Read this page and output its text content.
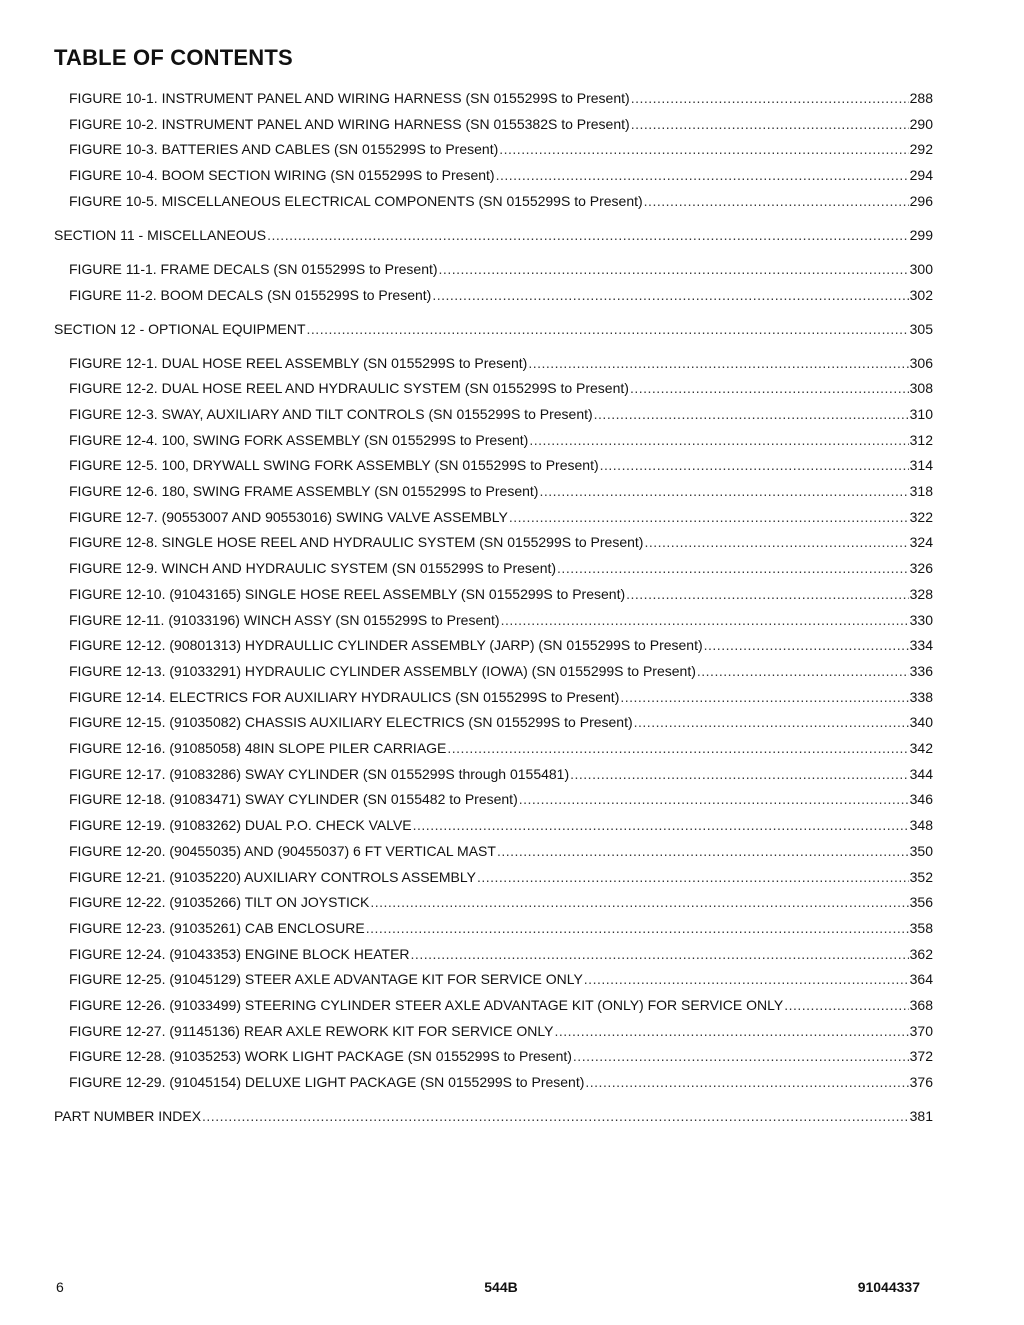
TABLE OF CONTENTS
FIGURE 10-1. INSTRUMENT PANEL AND WIRING HARNESS (SN 0155299S to Present) .....	288
FIGURE 10-2. INSTRUMENT PANEL AND WIRING HARNESS (SN 0155382S to Present) .....	290
FIGURE 10-3. BATTERIES AND CABLES (SN 0155299S to Present) .....	292
FIGURE 10-4. BOOM SECTION WIRING (SN 0155299S to Present) .....	294
FIGURE 10-5. MISCELLANEOUS ELECTRICAL COMPONENTS (SN 0155299S to Present) .....	296
SECTION 11 - MISCELLANEOUS .....	299
FIGURE 11-1. FRAME DECALS (SN 0155299S to Present) .....	300
FIGURE 11-2. BOOM DECALS (SN 0155299S to Present) .....	302
SECTION 12 - OPTIONAL EQUIPMENT .....	305
FIGURE 12-1. DUAL HOSE REEL ASSEMBLY (SN 0155299S to Present) .....	306
FIGURE 12-2. DUAL HOSE REEL AND HYDRAULIC SYSTEM (SN 0155299S to Present) .....	308
FIGURE 12-3. SWAY, AUXILIARY AND TILT CONTROLS (SN 0155299S to Present) .....	310
FIGURE 12-4. 100, SWING FORK ASSEMBLY (SN 0155299S to Present) .....	312
FIGURE 12-5. 100, DRYWALL SWING FORK ASSEMBLY (SN 0155299S to Present) .....	314
FIGURE 12-6. 180, SWING FRAME ASSEMBLY (SN 0155299S to Present) .....	318
FIGURE 12-7. (90553007 AND 90553016) SWING VALVE ASSEMBLY .....	322
FIGURE 12-8. SINGLE HOSE REEL AND HYDRAULIC SYSTEM (SN 0155299S to Present) .....	324
FIGURE 12-9. WINCH AND HYDRAULIC SYSTEM (SN 0155299S to Present) .....	326
FIGURE 12-10. (91043165) SINGLE HOSE REEL ASSEMBLY (SN 0155299S to Present) .....	328
FIGURE 12-11. (91033196) WINCH ASSY (SN 0155299S to Present) .....	330
FIGURE 12-12. (90801313) HYDRAULLIC CYLINDER ASSEMBLY (JARP) (SN 0155299S to Present) .....	334
FIGURE 12-13. (91033291) HYDRAULIC CYLINDER ASSEMBLY (IOWA) (SN 0155299S to Present) .....	336
FIGURE 12-14. ELECTRICS FOR AUXILIARY HYDRAULICS (SN 0155299S to Present) .....	338
FIGURE 12-15. (91035082) CHASSIS AUXILIARY ELECTRICS (SN 0155299S to Present) .....	340
FIGURE 12-16. (91085058) 48IN SLOPE PILER CARRIAGE .....	342
FIGURE 12-17. (91083286) SWAY CYLINDER (SN 0155299S through 0155481) .....	344
FIGURE 12-18. (91083471) SWAY CYLINDER (SN 0155482 to Present) .....	346
FIGURE 12-19. (91083262) DUAL P.O. CHECK VALVE .....	348
FIGURE 12-20. (90455035) AND (90455037) 6 FT VERTICAL MAST .....	350
FIGURE 12-21. (91035220) AUXILIARY CONTROLS ASSEMBLY .....	352
FIGURE 12-22. (91035266) TILT ON JOYSTICK .....	356
FIGURE 12-23. (91035261) CAB ENCLOSURE .....	358
FIGURE 12-24. (91043353) ENGINE BLOCK HEATER .....	362
FIGURE 12-25. (91045129) STEER AXLE ADVANTAGE KIT FOR SERVICE ONLY .....	364
FIGURE 12-26. (91033499) STEERING CYLINDER STEER AXLE ADVANTAGE KIT (ONLY) FOR SERVICE ONLY .....	368
FIGURE 12-27. (91145136) REAR AXLE REWORK KIT FOR SERVICE ONLY .....	370
FIGURE 12-28. (91035253) WORK LIGHT PACKAGE (SN 0155299S to Present) .....	372
FIGURE 12-29. (91045154) DELUXE LIGHT PACKAGE (SN 0155299S to Present) .....	376
PART NUMBER INDEX .....	381
6	544B	91044337
